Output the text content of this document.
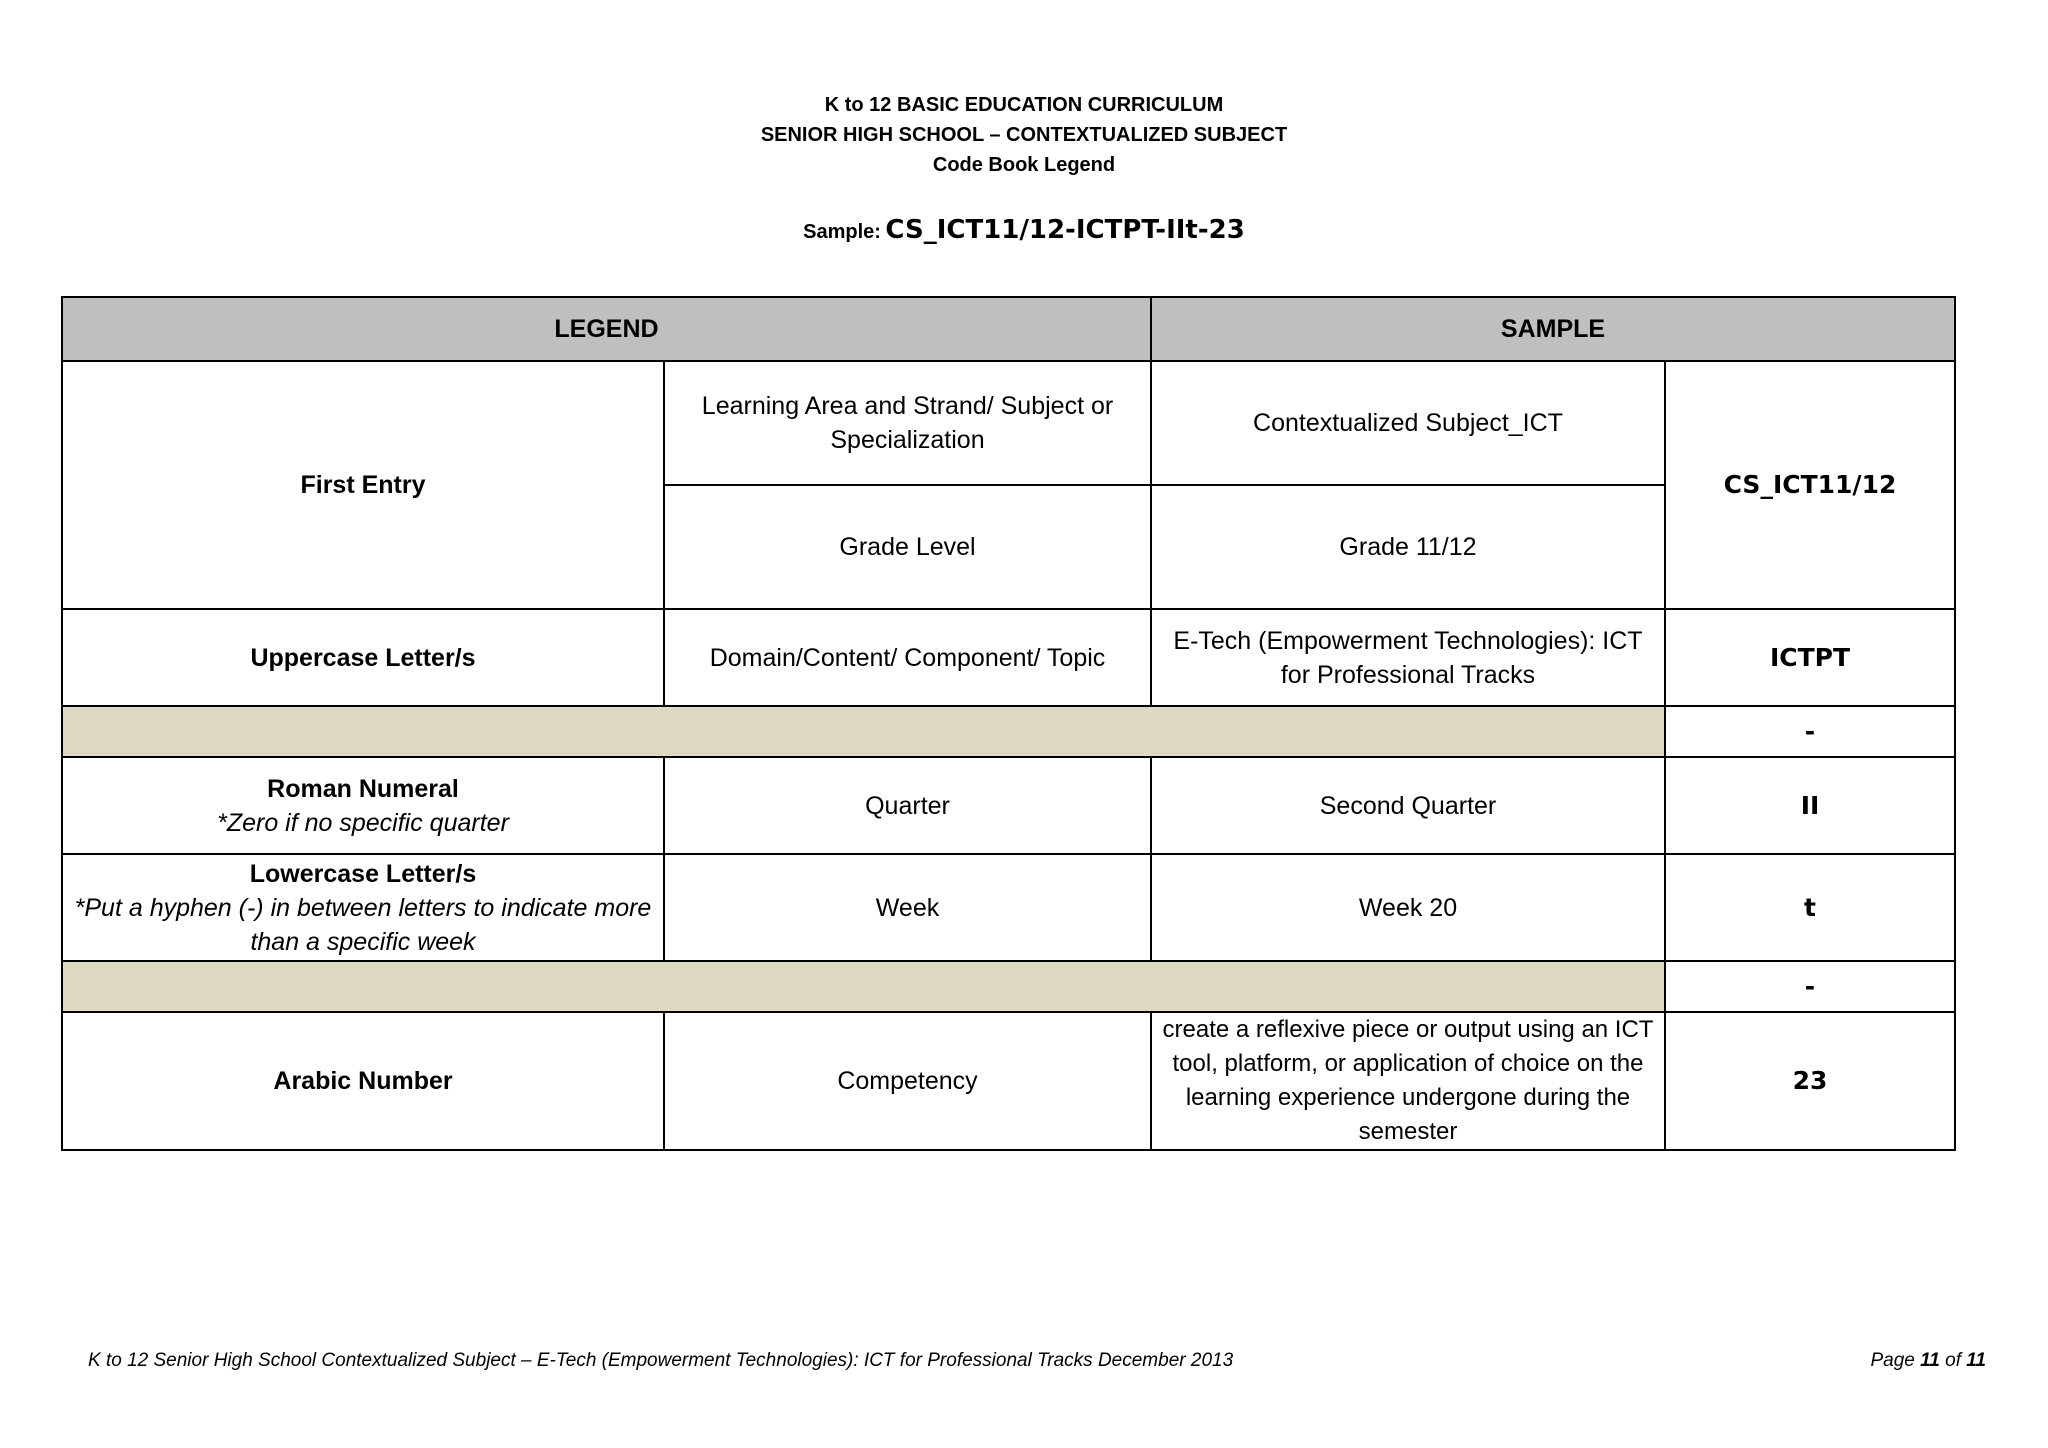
K to 12 BASIC EDUCATION CURRICULUM
SENIOR HIGH SCHOOL – CONTEXTUALIZED SUBJECT
Code Book Legend
Sample: CS_ICT11/12-ICTPT-IIt-23
LEGEND		SAMPLE	
First Entry	Learning Area and Strand/ Subject or Specialization	Contextualized Subject_ICT	CS_ICT11/12
	Grade Level	Grade 11/12	
Uppercase Letter/s	Domain/Content/ Component/ Topic	E-Tech (Empowerment Technologies): ICT for Professional Tracks	ICTPT
			-

Roman Numeral
*Zero if no specific quarter	Quarter	Second Quarter	II

Lowercase Letter/s
*Put a hyphen (-) in between letters to indicate more than a specific week	Week	Week 20	t
			-
Arabic Number	Competency	create a reflexive piece or output using an ICT tool, platform, or application of choice on the learning experience undergone during the semester	23
K to 12 Senior High School Contextualized Subject – E-Tech (Empowerment Technologies): ICT for Professional Tracks December 2013	Page 11 of 11
